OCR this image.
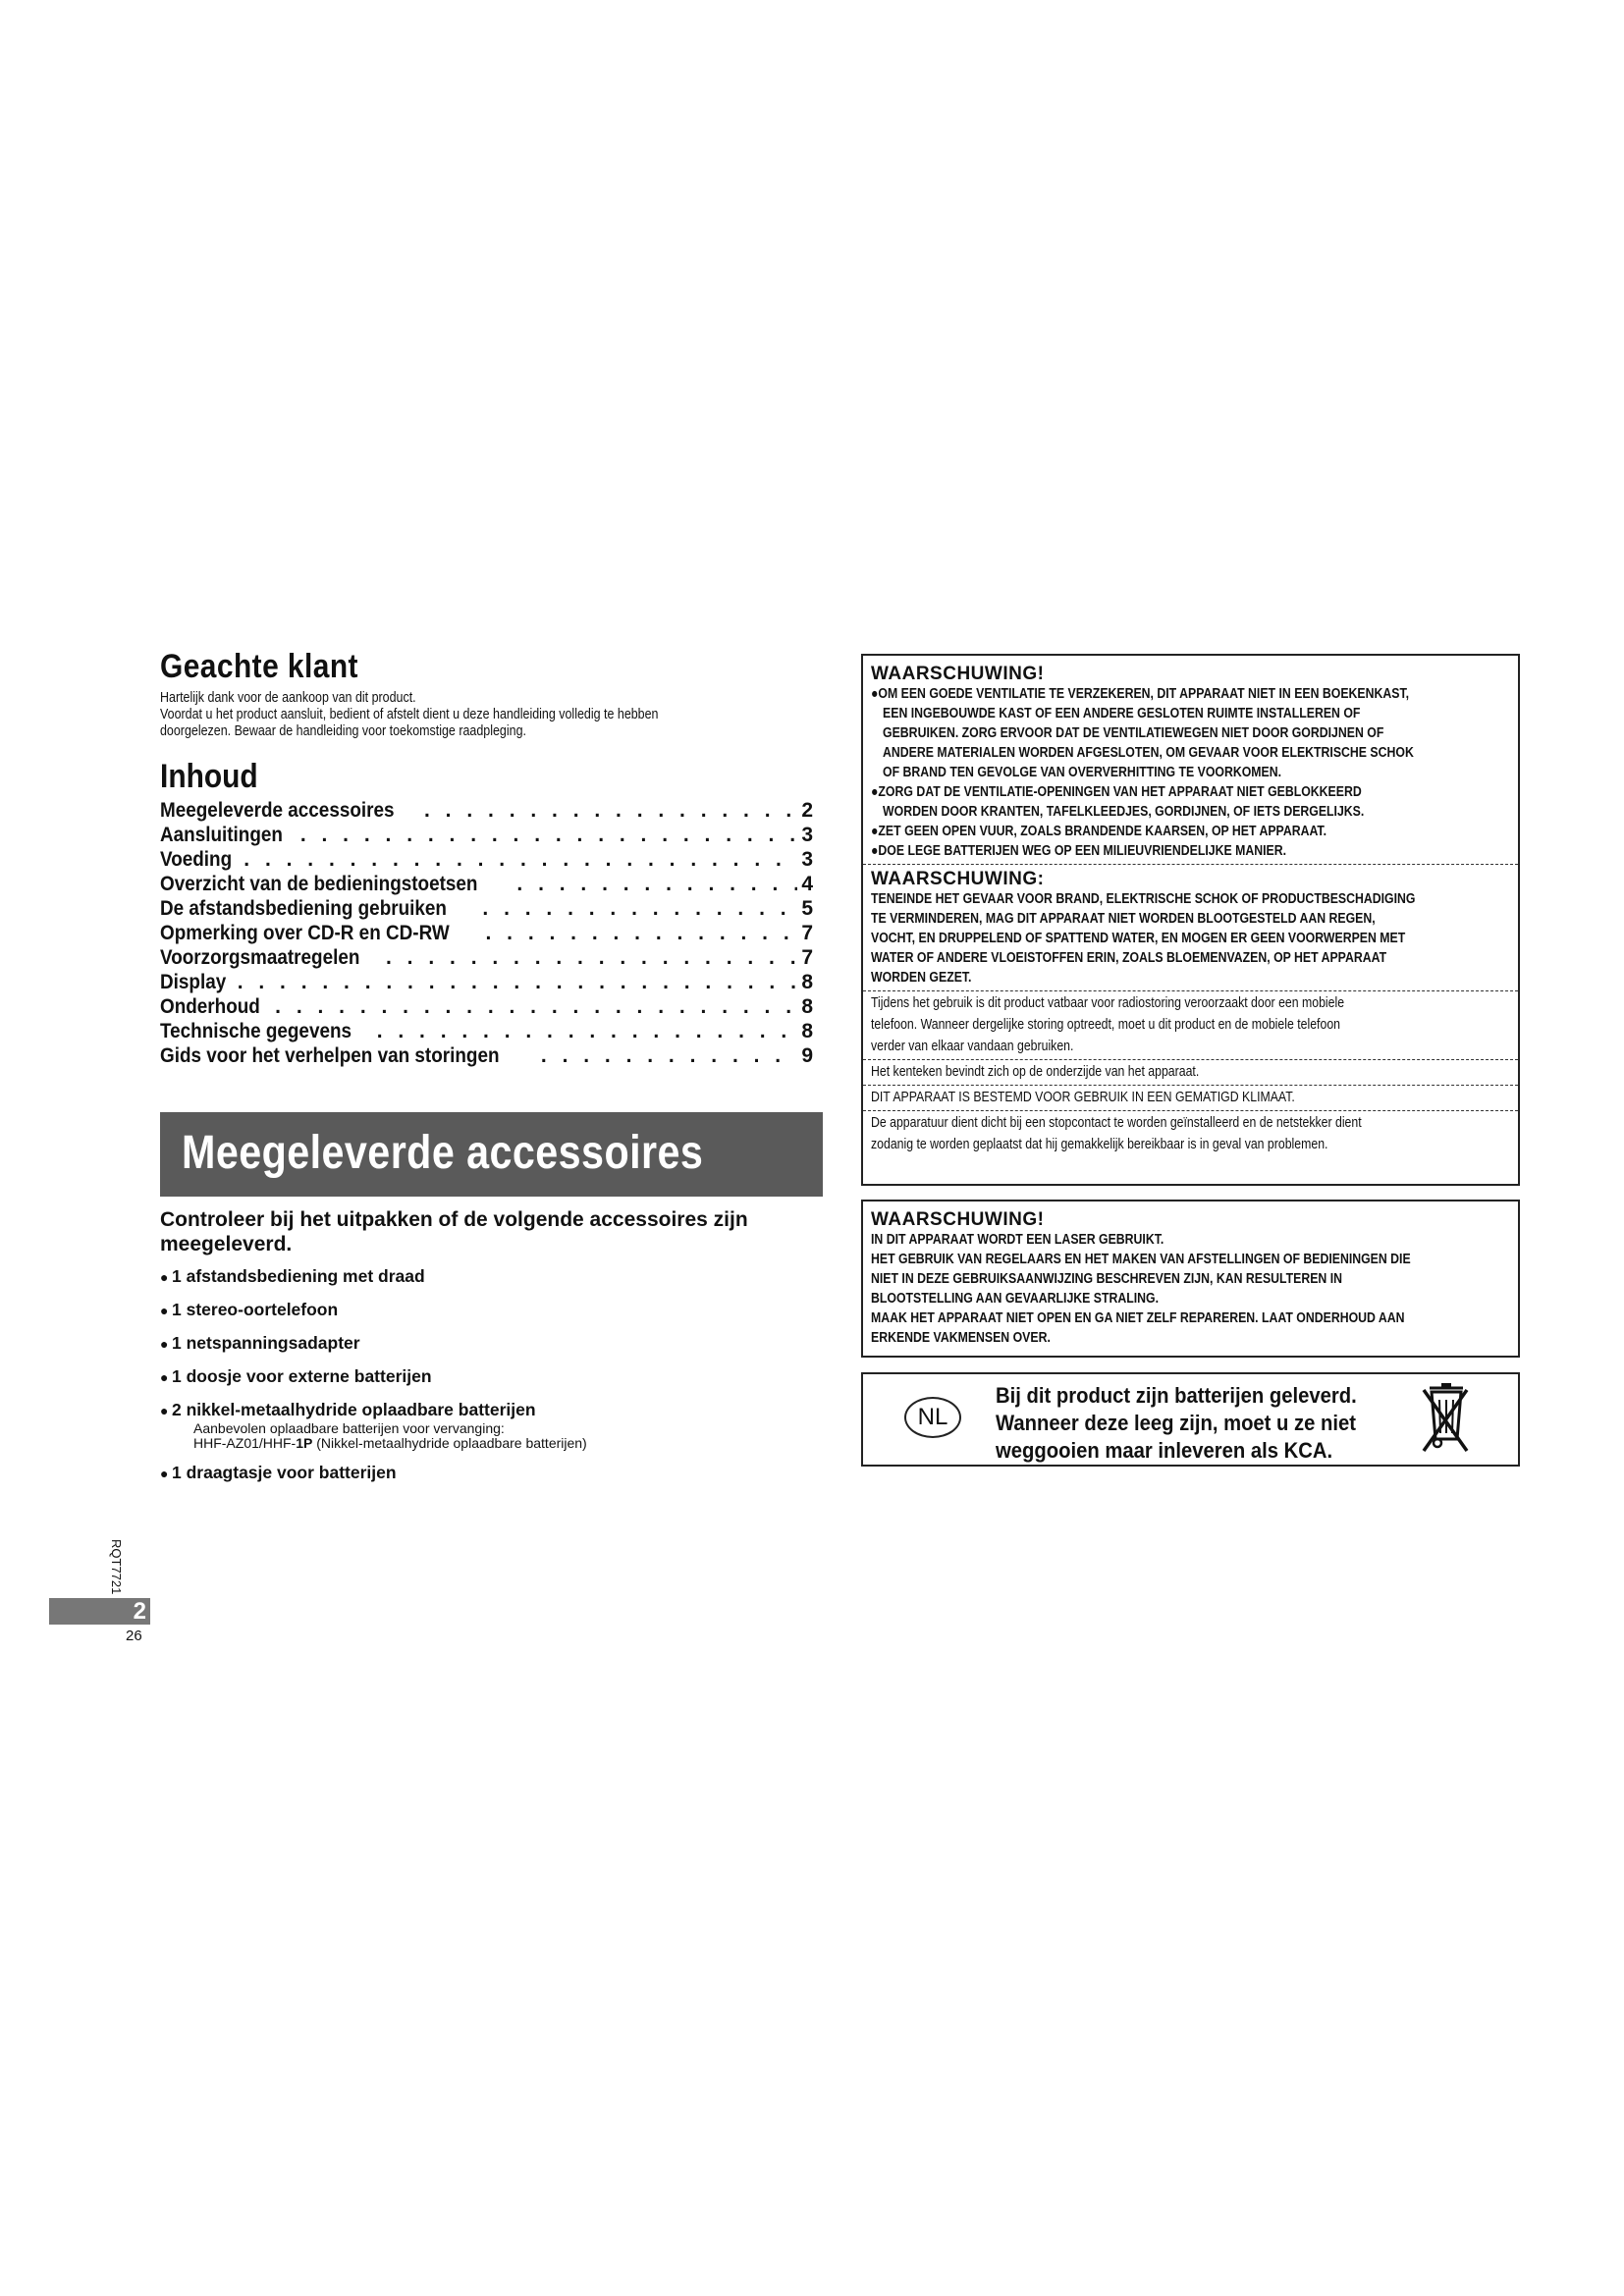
Geachte klant
Hartelijk dank voor de aankoop van dit product.
Voordat u het product aansluit, bedient of afstelt dient u deze handleiding volledig te hebben
doorgelezen. Bewaar de handleiding voor toekomstige raadpleging.
Inhoud
Meegeleverde accessoires . . .	2
Aansluitingen . . .	3
Voeding . . .	3
Overzicht van de bedieningstoetsen . . .	4
De afstandsbediening gebruiken . . .	5
Opmerking over CD-R en CD-RW . . .	7
Voorzorgsmaatregelen . . .	7
Display . . .	8
Onderhoud . . .	8
Technische gegevens . . .	8
Gids voor het verhelpen van storingen . . .	9
Meegeleverde accessoires
Controleer bij het uitpakken of de volgende accessoires zijn meegeleverd.
● 1 afstandsbediening met draad
● 1 stereo-oortelefoon
● 1 netspanningsadapter
● 1 doosje voor externe batterijen
● 2 nikkel-metaalhydride oplaadbare batterijen
Aanbevolen oplaadbare batterijen voor vervanging:
HHF-AZ01/HHF-1P (Nikkel-metaalhydride oplaadbare batterijen)
● 1 draagtasje voor batterijen
RQT7721
2
26
WAARSCHUWING!

●OM EEN GOEDE VENTILATIE TE VERZEKEREN, DIT APPARAAT NIET IN EEN BOEKENKAST,

EEN INGEBOUWDE KAST OF EEN ANDERE GESLOTEN RUIMTE INSTALLEREN OF

GEBRUIKEN. ZORG ERVOOR DAT DE VENTILATIEWEGEN NIET DOOR GORDIJNEN OF

ANDERE MATERIALEN WORDEN AFGESLOTEN, OM GEVAAR VOOR ELEKTRISCHE SCHOK

OF BRAND TEN GEVOLGE VAN OVERVERHITTING TE VOORKOMEN.

●ZORG DAT DE VENTILATIE-OPENINGEN VAN HET APPARAAT NIET GEBLOKKEERD

WORDEN DOOR KRANTEN, TAFELKLEEDJES, GORDIJNEN, OF IETS DERGELIJKS.

●ZET GEEN OPEN VUUR, ZOALS BRANDENDE KAARSEN, OP HET APPARAAT.

●DOE LEGE BATTERIJEN WEG OP EEN MILIEUVRIENDELIJKE MANIER.

WAARSCHUWING:

TENEINDE HET GEVAAR VOOR BRAND, ELEKTRISCHE SCHOK OF PRODUCTBESCHADIGING

TE VERMINDEREN, MAG DIT APPARAAT NIET WORDEN BLOOTGESTELD AAN REGEN,

VOCHT, EN DRUPPELEND OF SPATTEND WATER, EN MOGEN ER GEEN VOORWERPEN MET

WATER OF ANDERE VLOEISTOFFEN ERIN, ZOALS BLOEMENVAZEN, OP HET APPARAAT

WORDEN GEZET.

Tijdens het gebruik is dit product vatbaar voor radiostoring veroorzaakt door een mobiele

telefoon. Wanneer dergelijke storing optreedt, moet u dit product en de mobiele telefoon

verder van elkaar vandaan gebruiken.

Het kenteken bevindt zich op de onderzijde van het apparaat.

DIT APPARAAT IS BESTEMD VOOR GEBRUIK IN EEN GEMATIGD KLIMAAT.

De apparatuur dient dicht bij een stopcontact te worden geïnstalleerd en de netstekker dient

zodanig te worden geplaatst dat hij gemakkelijk bereikbaar is in geval van problemen.

WAARSCHUWING!

IN DIT APPARAAT WORDT EEN LASER GEBRUIKT.

HET GEBRUIK VAN REGELAARS EN HET MAKEN VAN AFSTELLINGEN OF BEDIENINGEN DIE

NIET IN DEZE GEBRUIKSAANWIJZING BESCHREVEN ZIJN, KAN RESULTEREN IN

BLOOTSTELLING AAN GEVAARLIJKE STRALING.

MAAK HET APPARAAT NIET OPEN EN GA NIET ZELF REPAREREN. LAAT ONDERHOUD AAN

ERKENDE VAKMENSEN OVER.

NL
Bij dit product zijn batterijen geleverd.
Wanneer deze leeg zijn, moet u ze niet
weggooien maar inleveren als KCA.
